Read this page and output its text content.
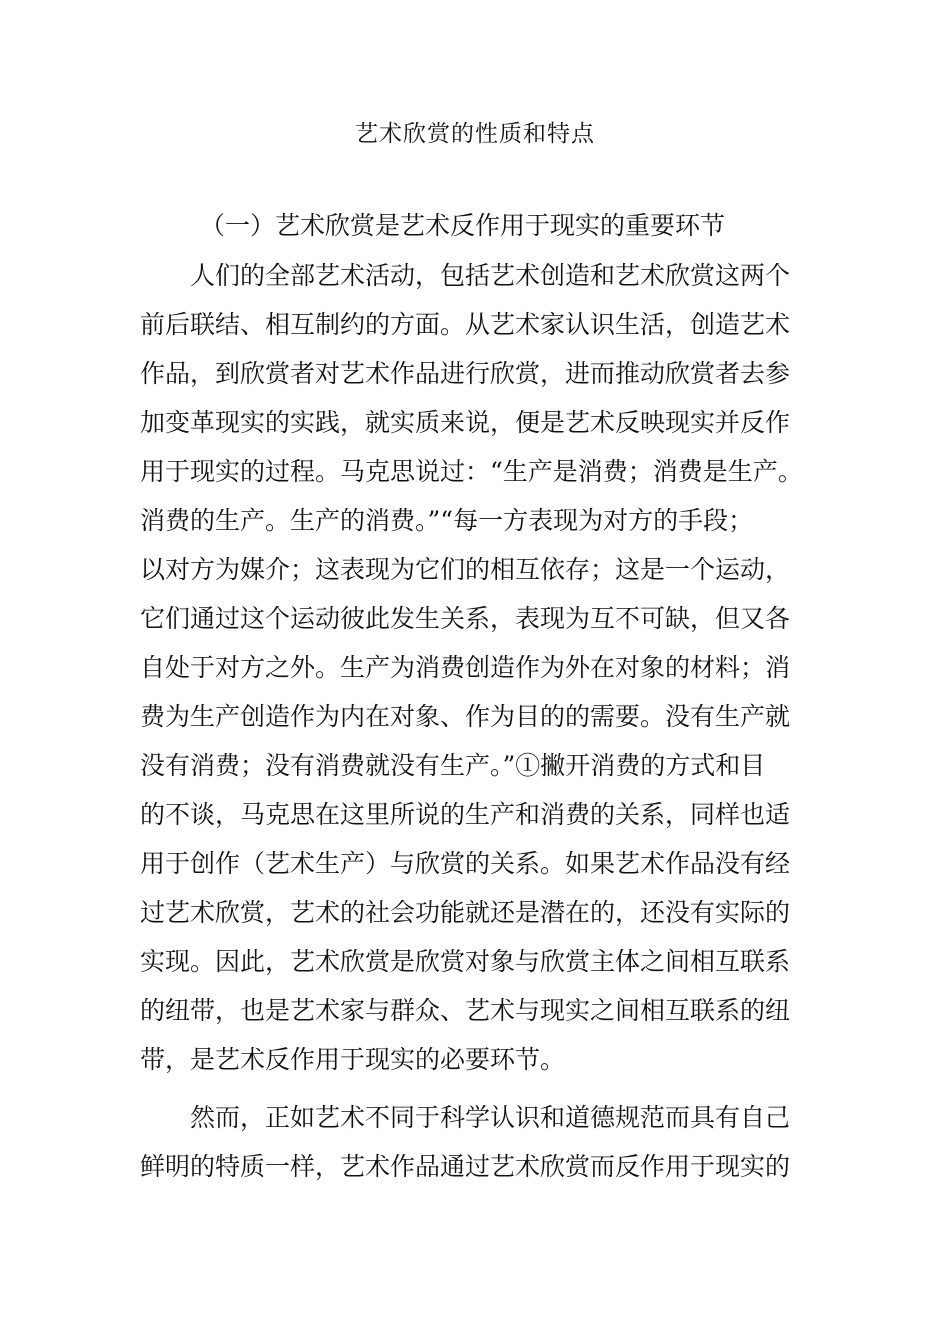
艺术欣赏的性质和特点
（一）艺术欣赏是艺术反作用于现实的重要环节
人们的全部艺术活动，包括艺术创造和艺术欣赏这两个
前后联结、相互制约的方面。从艺术家认识生活，创造艺术
作品，到欣赏者对艺术作品进行欣赏，进而推动欣赏者去参
加变革现实的实践，就实质来说，便是艺术反映现实并反作
用于现实的过程。马克思说过：“生产是消费；消费是生产。
消费的生产。生产的消费。”“每一方表现为对方的手段；
以对方为媒介；这表现为它们的相互依存；这是一个运动，
它们通过这个运动彼此发生关系，表现为互不可缺，但又各
自处于对方之外。生产为消费创造作为外在对象的材料；消
费为生产创造作为内在对象、作为目的的需要。没有生产就
没有消费；没有消费就没有生产。”①撇开消费的方式和目
的不谈，马克思在这里所说的生产和消费的关系，同样也适
用于创作（艺术生产）与欣赏的关系。如果艺术作品没有经
过艺术欣赏，艺术的社会功能就还是潜在的，还没有实际的
实现。因此，艺术欣赏是欣赏对象与欣赏主体之间相互联系
的纽带，也是艺术家与群众、艺术与现实之间相互联系的纽
带，是艺术反作用于现实的必要环节。
然而，正如艺术不同于科学认识和道德规范而具有自己
鲜明的特质一样，艺术作品通过艺术欣赏而反作用于现实的
